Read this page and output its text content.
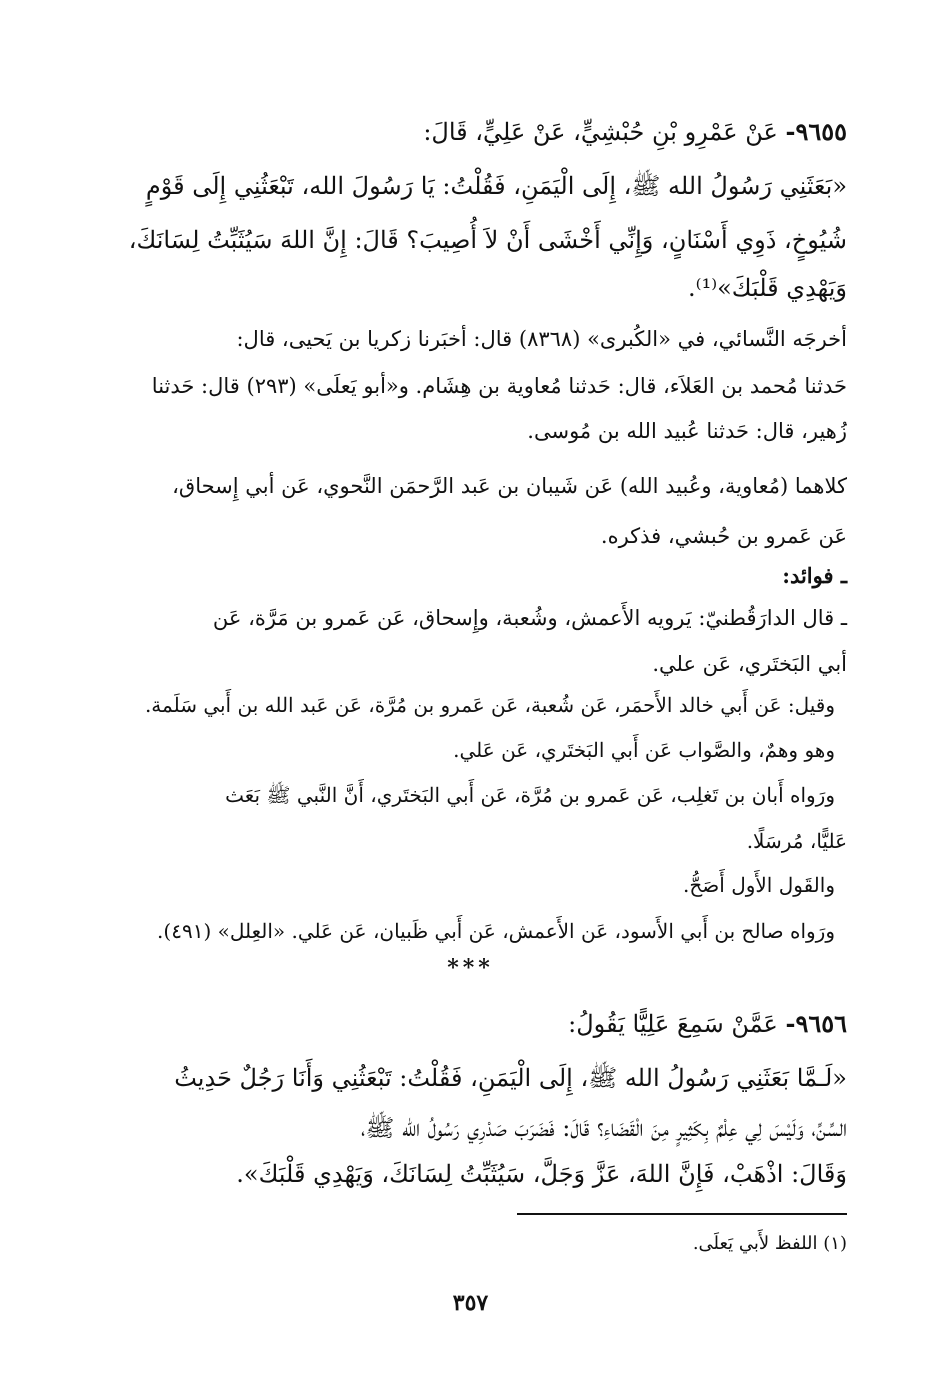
٩٦٥٥- عَنْ عَمْرِو بْنِ حُبْشِيٍّ، عَنْ عَلِيٍّ، قَالَ:
«بَعَثَنِي رَسُولُ الله ﷺ، إِلَى الْيَمَنِ، فَقُلْتُ: يَا رَسُولَ الله، تَبْعَثُنِي إِلَى قَوْمٍ
شُيُوخٍ، ذَوِي أَسْنَانٍ، وَإِنِّي أَخْشَى أَنْ لاَ أُصِيبَ؟ قَالَ: إِنَّ اللهَ سَيُثَبِّتُ لِسَانَكَ،
وَيَهْدِي قَلْبَكَ»⁽¹⁾.
أخرجَه النَّسائي، في «الكُبرى» (٨٣٦٨) قال: أخبَرنا زكريا بن يَحيى، قال:
حَدثنا مُحمد بن العَلاَء، قال: حَدثنا مُعاوية بن هِشَام. و«أبو يَعلَى» (٢٩٣) قال: حَدثنا
زُهير، قال: حَدثنا عُبيد الله بن مُوسى.
كلاهما (مُعاوية، وعُبيد الله) عَن شَيبان بن عَبد الرَّحمَن النَّحوي، عَن أبي إِسحاق،
عَن عَمرو بن حُبشي، فذكره.
ـ فوائد:
ـ قال الدارَقُطنيّ: يَرويه الأَعمش، وشُعبة، وإِسحاق، عَن عَمرو بن مَرَّة، عَن
أبي البَختَري، عَن علي.
وقيل: عَن أَبي خالد الأَحمَر، عَن شُعبة، عَن عَمرو بن مُرَّة، عَن عَبد الله بن أَبي سَلَمة.
وهو وهمٌ، والصَّواب عَن أَبي البَختَري، عَن عَلي.
ورَواه أَبان بن تَغلِب، عَن عَمرو بن مُرَّة، عَن أَبي البَختَري، أَنَّ النَّبي ﷺ بَعَث
عَليًّا، مُرسَلًا.
والقَول الأَول أَصَحُّ.
ورَواه صالح بن أَبي الأَسود، عَن الأَعمش، عَن أَبي ظَبيان، عَن عَلي. «العِلل» (٤٩١).
***
٩٦٥٦- عَمَّنْ سَمِعَ عَلِيًّا يَقُولُ:
«لَـمَّا بَعَثَنِي رَسُولُ الله ﷺ، إِلَى الْيَمَنِ، فَقُلْتُ: تَبْعَثُنِي وَأَنَا رَجُلٌ حَدِيثُ
السِّنِّ، وَلَيْسَ لِي عِلْمٌ بِكَثِيرٍ مِنَ الْقَضَاءِ؟ قَالَ: فَضَرَبَ صَدْرِي رَسُولُ الله ﷺ،
وَقَالَ: اذْهَبْ، فَإِنَّ اللهَ، عَزَّ وَجَلَّ، سَيُثَبِّتُ لِسَانَكَ، وَيَهْدِي قَلْبَكَ».
(١) اللفظ لأَبي يَعلَى.
٣٥٧
